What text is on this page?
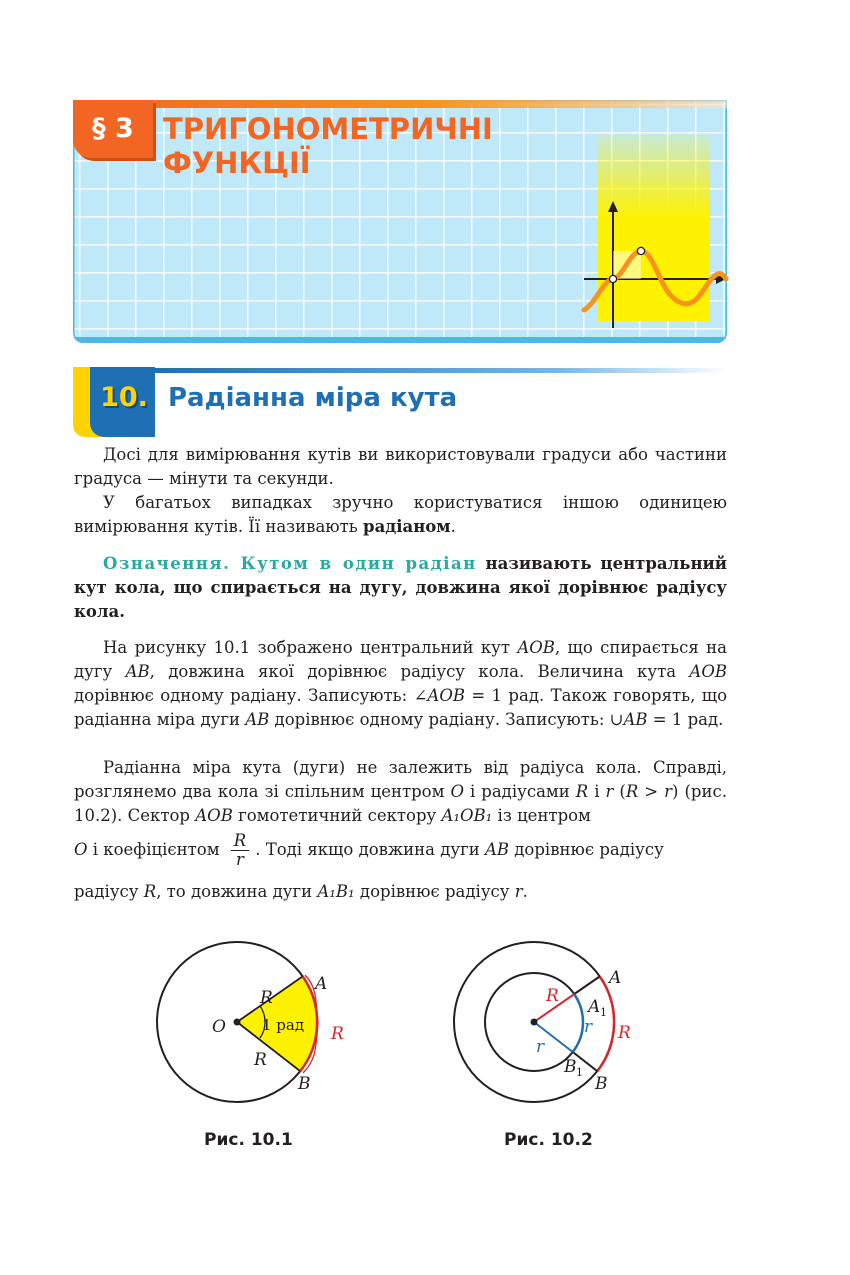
§ 3	ТРИГОНОМЕТРИЧНІ
ФУНКЦІЇ
10. Радіанна міра кута

Досі для вимірювання кутів ви використовували градуси або частини градуса — мінути та секунди.

У багатьох випадках зручно користуватися іншою одиницею вимірювання кутів. Її називають радіаном.

Означення. Кутом в один радіан називають центральний кут кола, що спирається на дугу, довжина якої дорівнює радіусу кола.

На рисунку 10.1 зображено центральний кут AOB, що спирається на дугу AB, довжина якої дорівнює радіусу кола. Величина кута AOB дорівнює одному радіану. Записують: ∠AOB = 1 рад. Також говорять, що радіанна міра дуги AB дорівнює одному радіану. Записують: ∪AB = 1 рад.

Радіанна міра кута (дуги) не залежить від радіуса кола. Справді, розглянемо два кола зі спільним центром O і радіусами R і r (R > r) (рис. 10.2). Сектор AOB гомотетичний сектору A₁OB₁ із центром

O і коефіцієнтом $\frac{R}{r}$ . Тоді якщо довжина дуги AB дорівнює радіусу

радіусу R, то довжина дуги A₁B₁ дорівнює радіусу r.

O
A
B
R
R
R
1 рад
Рис. 10.1
A
B
A 1
B 1
R
R
r
r
Рис. 10.2
